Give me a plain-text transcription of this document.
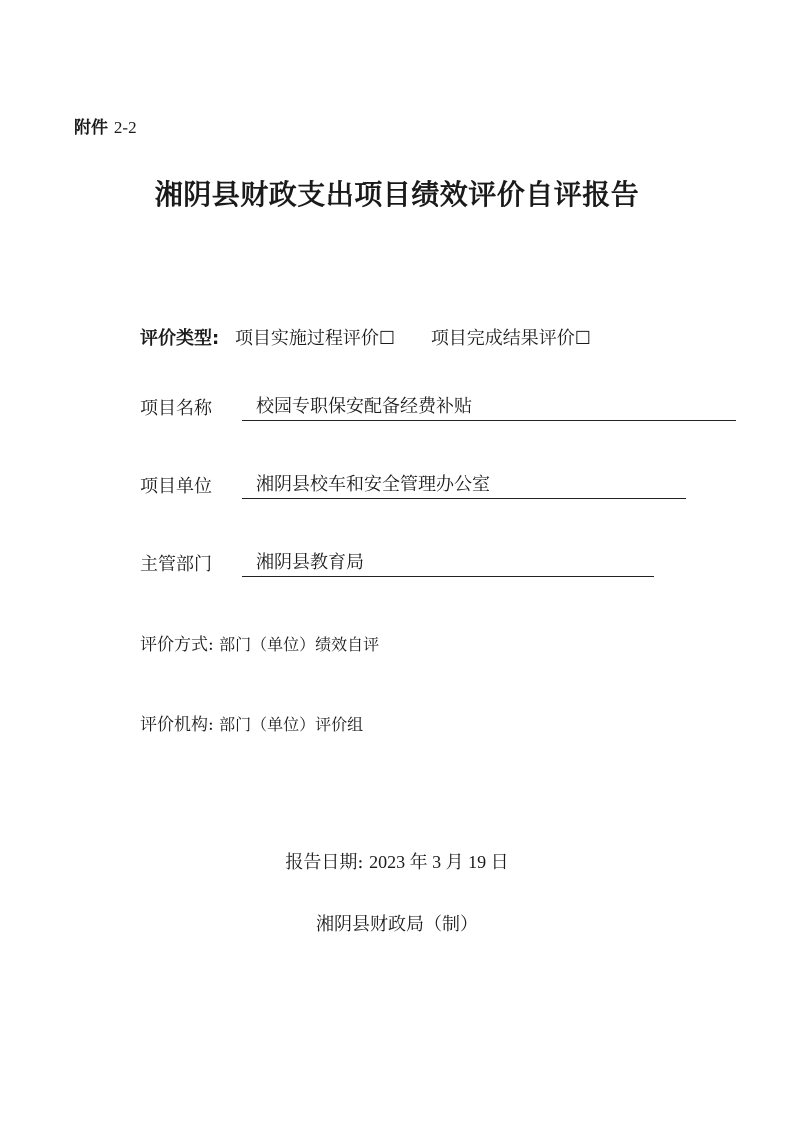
附件 2-2
湘阴县财政支出项目绩效评价自评报告
评价类型: 项目实施过程评价☐ 项目完成结果评价☐
项目名称 校园专职保安配备经费补贴
项目单位 湘阴县校车和安全管理办公室
主管部门 湘阴县教育局
评价方式: 部门（单位）绩效自评
评价机构: 部门（单位）评价组
报告日期: 2023 年 3 月 19 日
湘阴县财政局（制）
